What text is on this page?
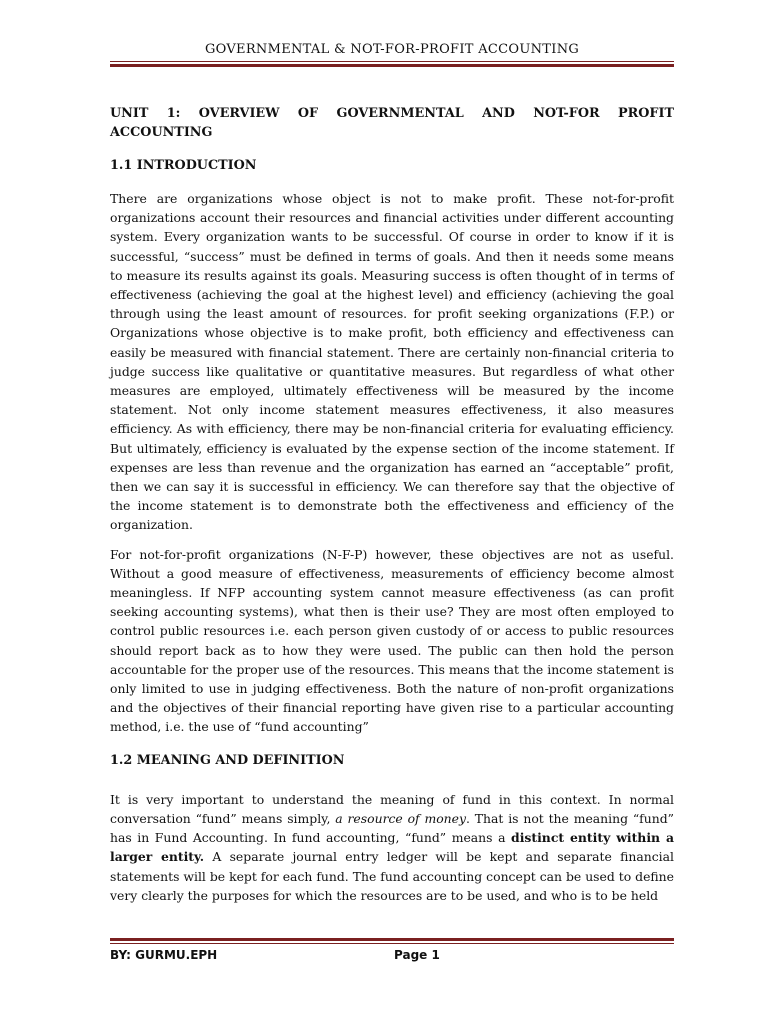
GOVERNMENTAL & NOT-FOR-PROFIT ACCOUNTING
UNIT 1: OVERVIEW OF GOVERNMENTAL AND NOT-FOR PROFIT ACCOUNTING
1.1 INTRODUCTION

There are organizations whose object is not to make profit. These not-for-profit organizations account their resources and financial activities under different accounting system. Every organization wants to be successful. Of course in order to know if it is successful, “success” must be defined in terms of goals. And then it needs some means to measure its results against its goals. Measuring success is often thought of in terms of effectiveness (achieving the goal at the highest level) and efficiency (achieving the goal through using the least amount of resources. for profit seeking organizations (F.P.) or Organizations whose objective is to make profit, both efficiency and effectiveness can easily be measured with financial statement. There are certainly non-financial criteria to judge success like qualitative or quantitative measures. But regardless of what other measures are employed, ultimately effectiveness will be measured by the income statement. Not only income statement measures effectiveness, it also measures efficiency. As with efficiency, there may be non-financial criteria for evaluating efficiency. But ultimately, efficiency is evaluated by the expense section of the income statement. If expenses are less than revenue and the organization has earned an “acceptable” profit, then we can say it is successful in efficiency. We can therefore say that the objective of the income statement is to demonstrate both the effectiveness and efficiency of the organization.

For not-for-profit organizations (N-F-P) however, these objectives are not as useful. Without a good measure of effectiveness, measurements of efficiency become almost meaningless. If NFP accounting system cannot measure effectiveness (as can profit seeking accounting systems), what then is their use? They are most often employed to control public resources i.e. each person given custody of or access to public resources should report back as to how they were used. The public can then hold the person accountable for the proper use of the resources. This means that the income statement is only limited to use in judging effectiveness. Both the nature of non-profit organizations and the objectives of their financial reporting have given rise to a particular accounting method, i.e. the use of “fund accounting”

1.2 MEANING AND DEFINITION

It is very important to understand the meaning of fund in this context. In normal conversation “fund” means simply, a resource of money. That is not the meaning “fund” has in Fund Accounting. In fund accounting, “fund” means a distinct entity within a larger entity. A separate journal entry ledger will be kept and separate financial statements will be kept for each fund. The fund accounting concept can be used to define very clearly the purposes for which the resources are to be used, and who is to be held

BY: GURMU.EPH	Page 1
